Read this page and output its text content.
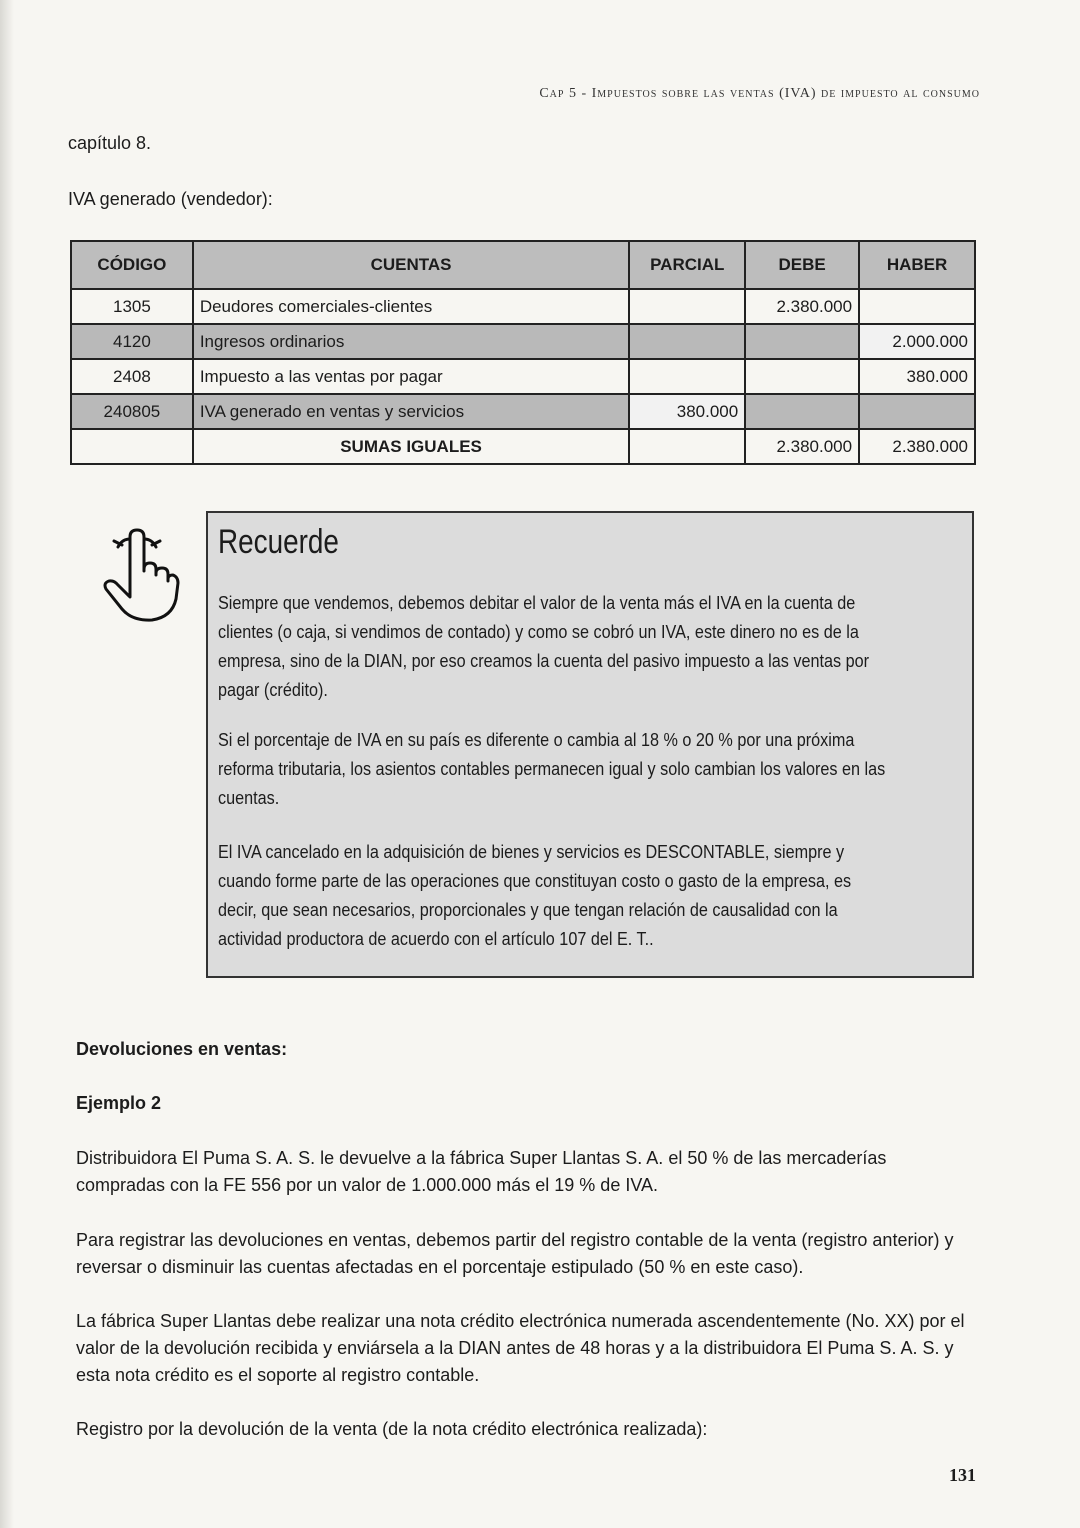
Cap 5 - Impuestos sobre las ventas (IVA) de impuesto al consumo
capítulo 8.
IVA generado (vendedor):
CÓDIGO	CUENTAS	PARCIAL	DEBE	HABER
1305	Deudores comerciales-clientes		2.380.000	
4120	Ingresos ordinarios			2.000.000
2408	Impuesto a las ventas por pagar			380.000
240805	IVA generado en ventas y servicios	380.000		
	SUMAS IGUALES		2.380.000	2.380.000
Recuerde
Siempre que vendemos, debemos debitar el valor de la venta más el IVA en la cuenta de clientes (o caja, si vendimos de contado) y como se cobró un IVA, este dinero no es de la empresa, sino de la DIAN, por eso creamos la cuenta del pasivo impuesto a las ventas por pagar (crédito).
Si el porcentaje de IVA en su país es diferente o cambia al 18 % o 20 % por una próxima reforma tributaria, los asientos contables permanecen igual y solo cambian los valores en las cuentas.
El IVA cancelado en la adquisición de bienes y servicios es DESCONTABLE, siempre y cuando forme parte de las operaciones que constituyan costo o gasto de la empresa, es decir, que sean necesarios, proporcionales y que tengan relación de causalidad con la actividad productora de acuerdo con el artículo 107 del E. T..
Devoluciones en ventas:
Ejemplo 2
Distribuidora El Puma S. A. S. le devuelve a la fábrica Super Llantas S. A. el 50 % de las mercaderías compradas con la FE 556 por un valor de 1.000.000 más el 19 % de IVA.
Para registrar las devoluciones en ventas, debemos partir del registro contable de la venta (registro anterior) y reversar o disminuir las cuentas afectadas en el porcentaje estipulado (50 % en este caso).
La fábrica Super Llantas debe realizar una nota crédito electrónica numerada ascendentemente (No. XX) por el valor de la devolución recibida y enviársela a la DIAN antes de 48 horas y a la distribuidora El Puma S. A. S. y esta nota crédito es el soporte al registro contable.
Registro por la devolución de la venta (de la nota crédito electrónica realizada):
131
